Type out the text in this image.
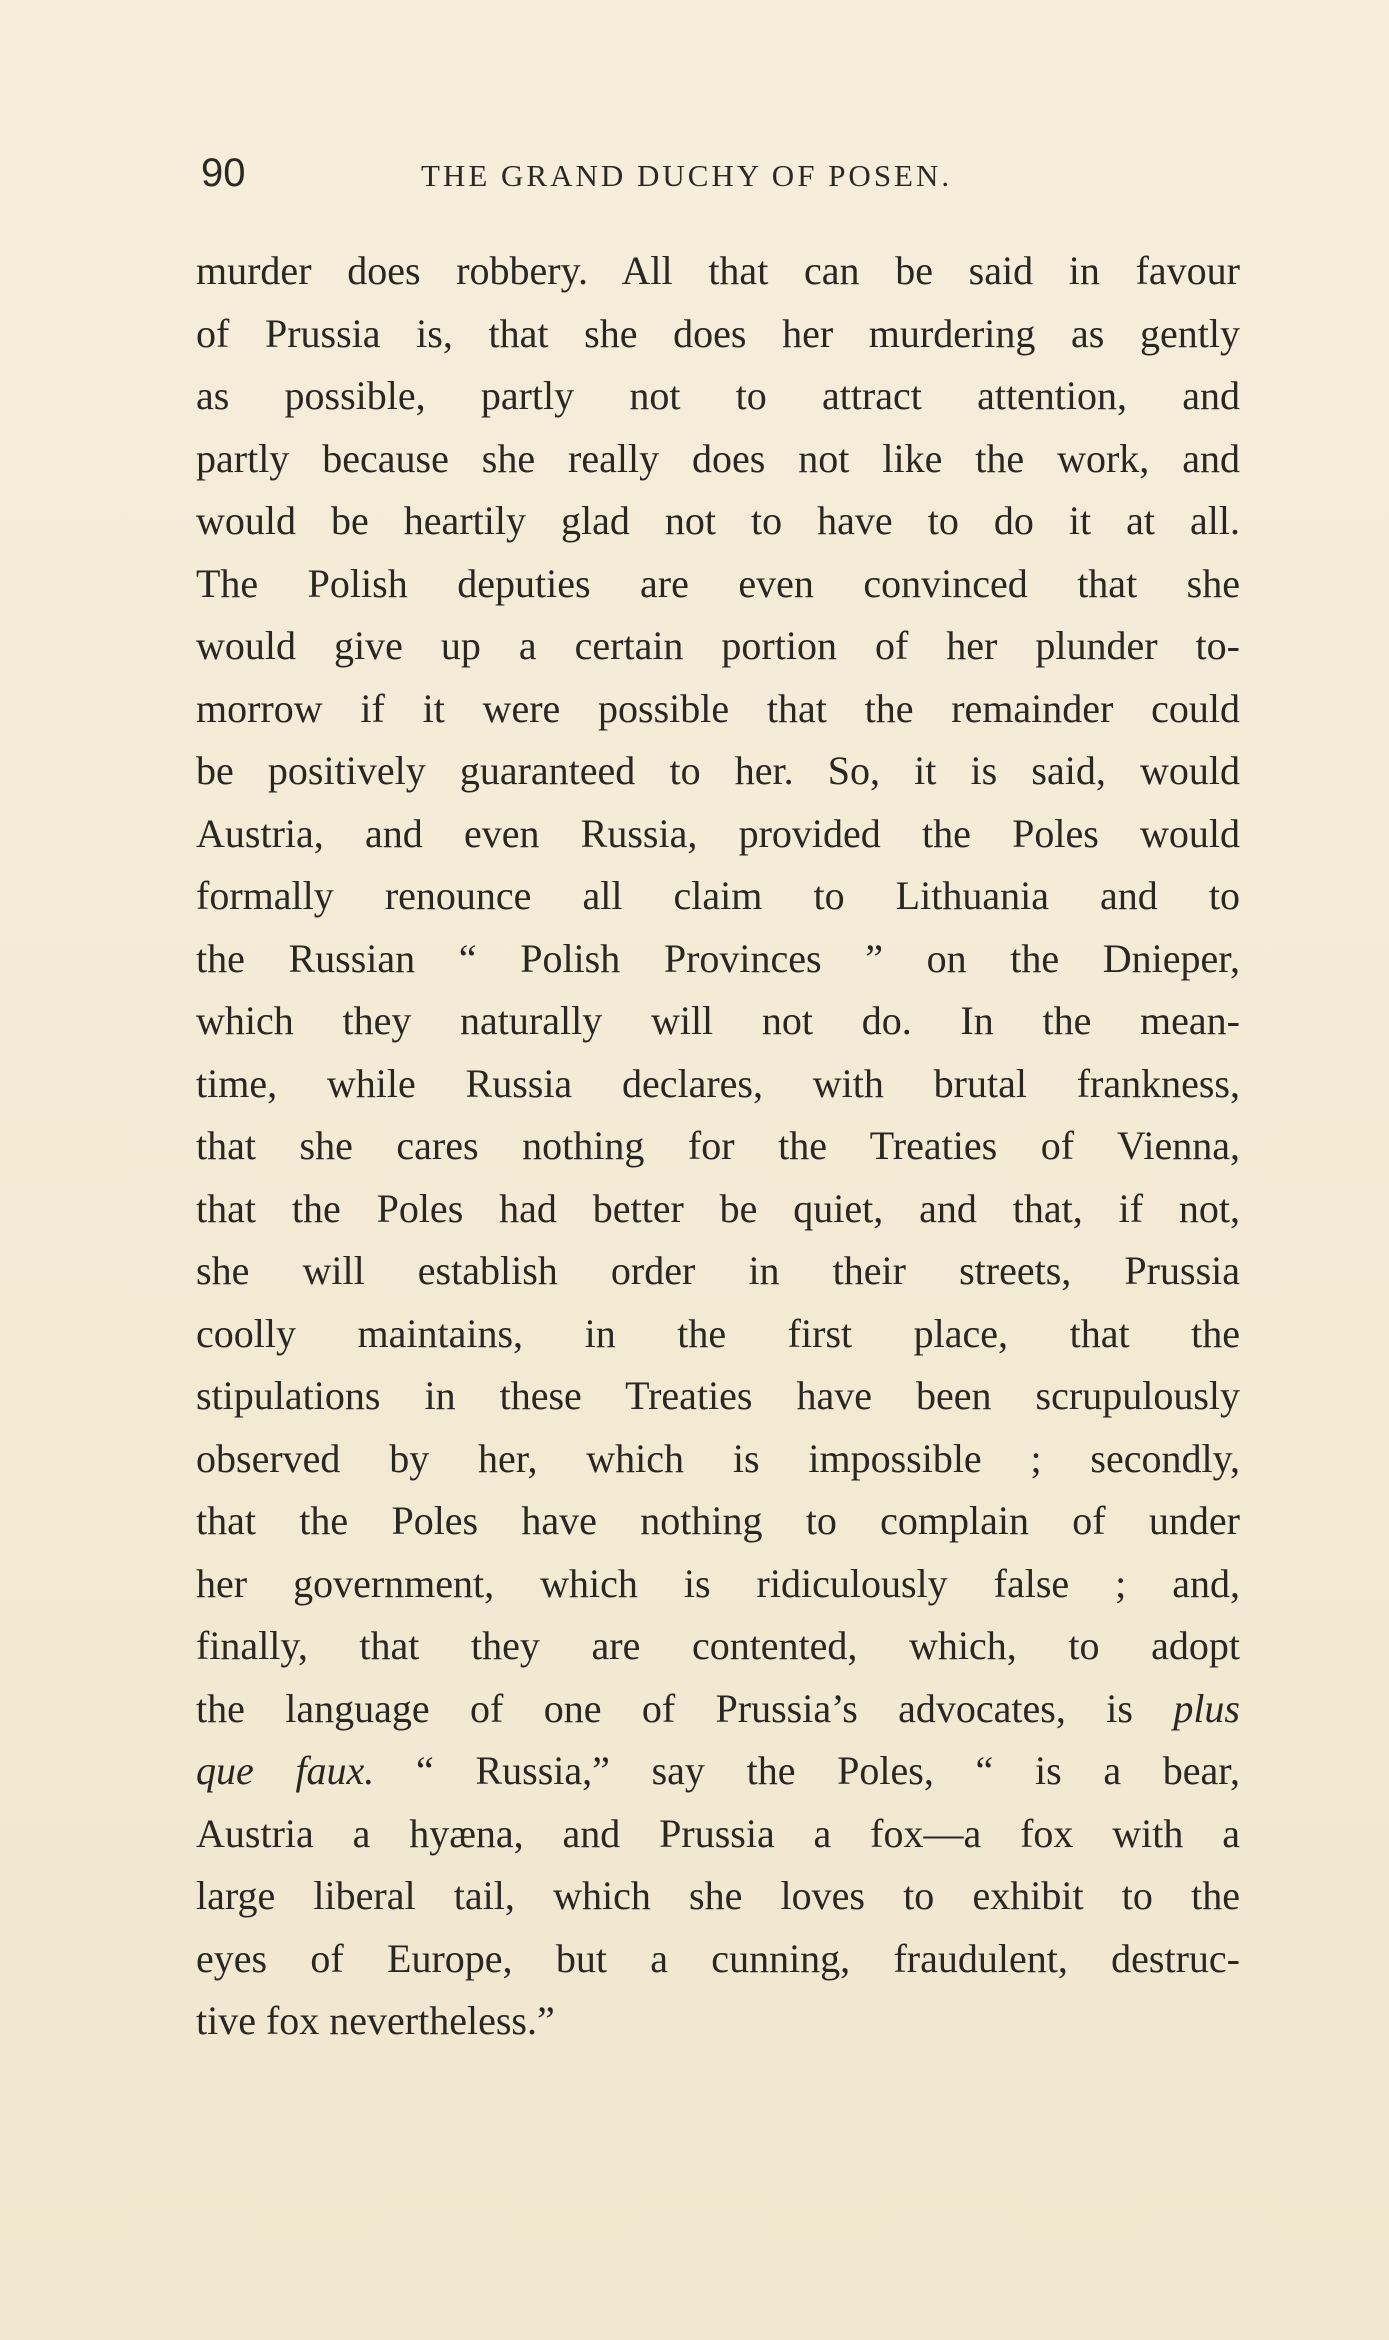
90	THE GRAND DUCHY OF POSEN.
murder does robbery. All that can be said in favour
of Prussia is, that she does her murdering as gently
as possible, partly not to attract attention, and
partly because she really does not like the work, and
would be heartily glad not to have to do it at all.
The Polish deputies are even convinced that she
would give up a certain portion of her plunder to-
morrow if it were possible that the remainder could
be positively guaranteed to her. So, it is said, would
Austria, and even Russia, provided the Poles would
formally renounce all claim to Lithuania and to
the Russian “ Polish Provinces ” on the Dnieper,
which they naturally will not do. In the mean-
time, while Russia declares, with brutal frankness,
that she cares nothing for the Treaties of Vienna,
that the Poles had better be quiet, and that, if not,
she will establish order in their streets, Prussia
coolly maintains, in the first place, that the
stipulations in these Treaties have been scrupulously
observed by her, which is impossible ; secondly,
that the Poles have nothing to complain of under
her government, which is ridiculously false ; and,
finally, that they are contented, which, to adopt
the language of one of Prussia’s advocates, is plus
que faux. “ Russia,” say the Poles, “ is a bear,
Austria a hyæna, and Prussia a fox—a fox with a
large liberal tail, which she loves to exhibit to the
eyes of Europe, but a cunning, fraudulent, destruc-
tive fox nevertheless.”
